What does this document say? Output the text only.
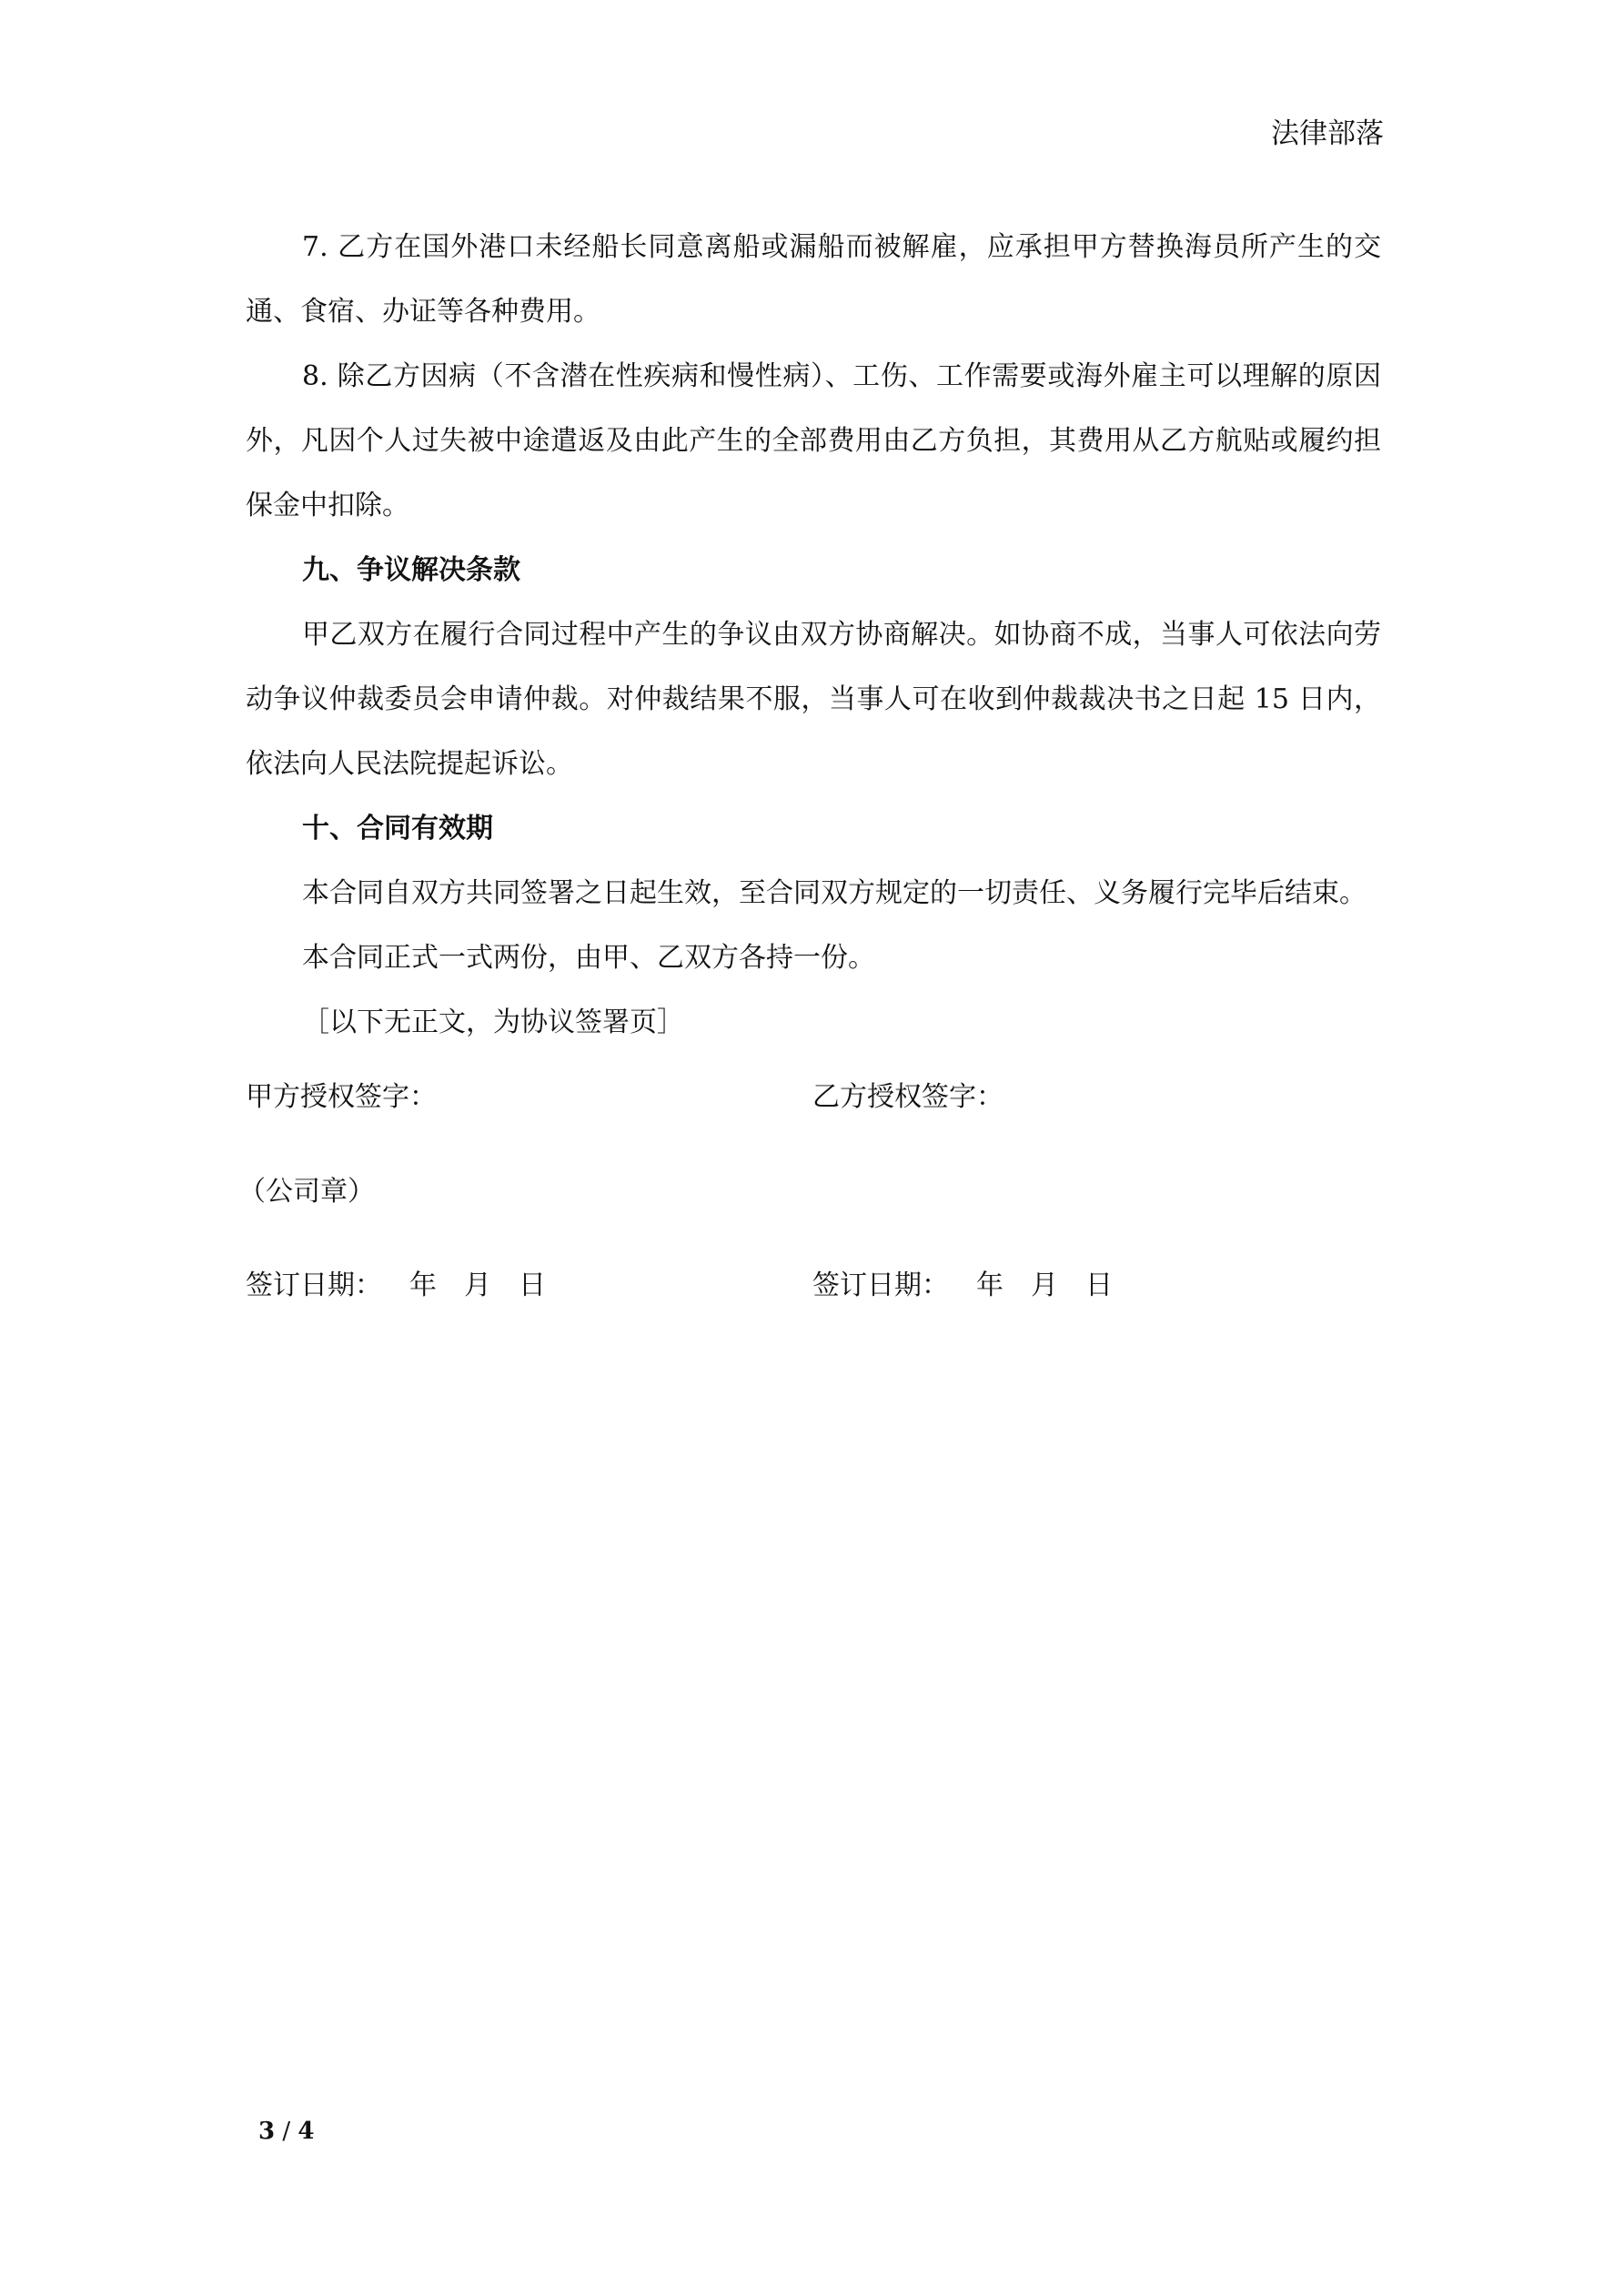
法律部落

7. 乙方在国外港口未经船长同意离船或漏船而被解雇，应承担甲方替换海员所产生的交通、食宿、办证等各种费用。

8. 除乙方因病（不含潜在性疾病和慢性病）、工伤、工作需要或海外雇主可以理解的原因外，凡因个人过失被中途遣返及由此产生的全部费用由乙方负担，其费用从乙方航贴或履约担保金中扣除。

九、争议解决条款

甲乙双方在履行合同过程中产生的争议由双方协商解决。如协商不成，当事人可依法向劳动争议仲裁委员会申请仲裁。对仲裁结果不服，当事人可在收到仲裁裁决书之日起 15 日内，依法向人民法院提起诉讼。

十、合同有效期

本合同自双方共同签署之日起生效，至合同双方规定的一切责任、义务履行完毕后结束。

本合同正式一式两份，由甲、乙双方各持一份。

［以下无正文，为协议签署页］

甲方授权签字：	乙方授权签字：
（公司章）
签订日期： 年 月 日	签订日期： 年 月 日
3 / 4
